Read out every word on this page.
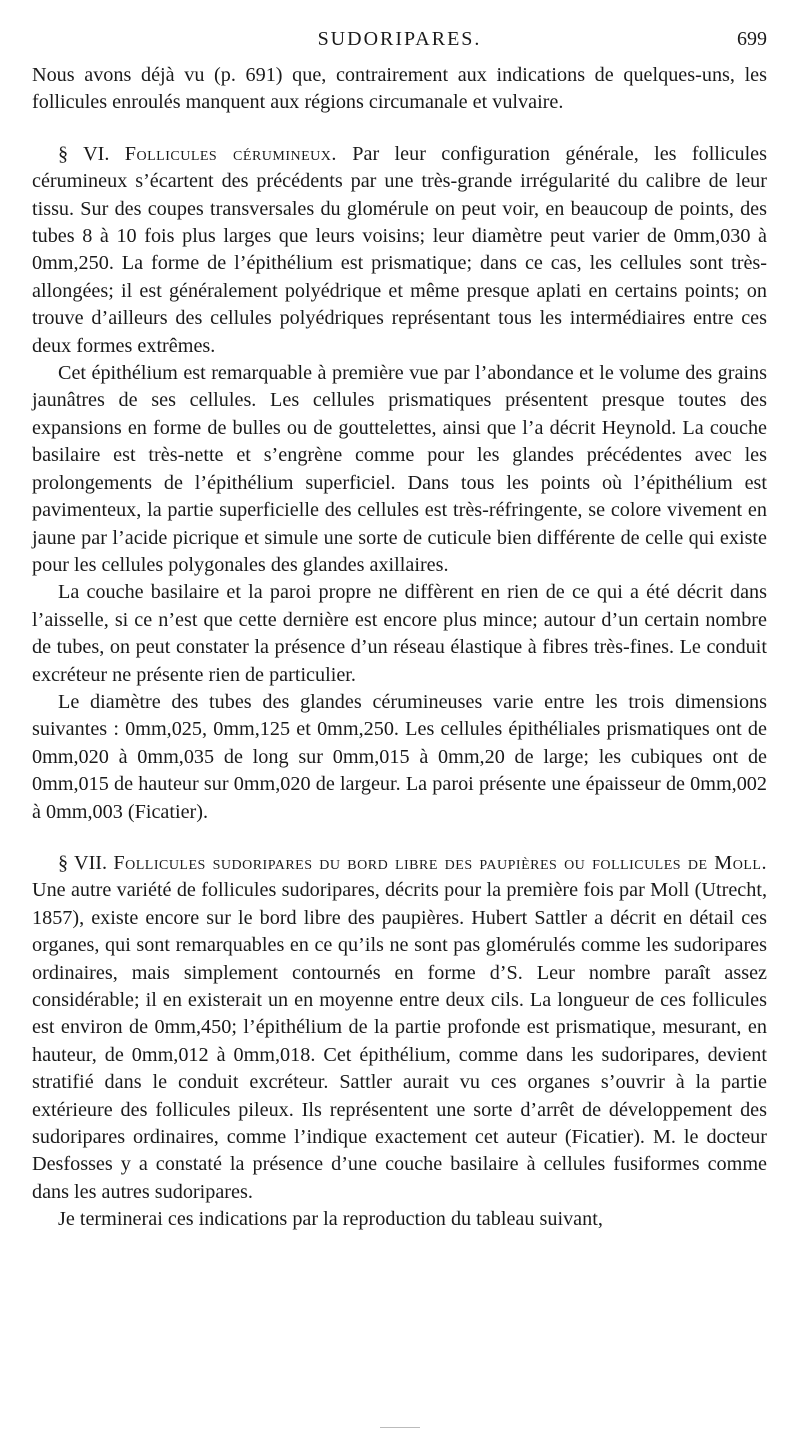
SUDORIPARES.	699

Nous avons déjà vu (p. 691) que, contrairement aux indications de quelques-uns, les follicules enroulés manquent aux régions circumanale et vulvaire.

§ VI. Follicules cérumineux. Par leur configuration générale, les follicules cérumineux s’écartent des précédents par une très-grande irrégularité du calibre de leur tissu. Sur des coupes transversales du glomérule on peut voir, en beaucoup de points, des tubes 8 à 10 fois plus larges que leurs voisins; leur diamètre peut varier de 0mm,030 à 0mm,250. La forme de l’épithélium est prismatique; dans ce cas, les cellules sont très-allongées; il est généralement polyédrique et même presque aplati en certains points; on trouve d’ailleurs des cellules polyédriques représentant tous les intermédiaires entre ces deux formes extrêmes.

Cet épithélium est remarquable à première vue par l’abondance et le volume des grains jaunâtres de ses cellules. Les cellules prismatiques présentent presque toutes des expansions en forme de bulles ou de gouttelettes, ainsi que l’a décrit Heynold. La couche basilaire est très-nette et s’engrène comme pour les glandes précédentes avec les prolongements de l’épithélium superficiel. Dans tous les points où l’épithélium est pavimenteux, la partie superficielle des cellules est très-réfringente, se colore vivement en jaune par l’acide picrique et simule une sorte de cuticule bien différente de celle qui existe pour les cellules polygonales des glandes axillaires.

La couche basilaire et la paroi propre ne diffèrent en rien de ce qui a été décrit dans l’aisselle, si ce n’est que cette dernière est encore plus mince; autour d’un certain nombre de tubes, on peut constater la présence d’un réseau élastique à fibres très-fines. Le conduit excréteur ne présente rien de particulier.

Le diamètre des tubes des glandes cérumineuses varie entre les trois dimensions suivantes : 0mm,025, 0mm,125 et 0mm,250. Les cellules épithéliales prismatiques ont de 0mm,020 à 0mm,035 de long sur 0mm,015 à 0mm,20 de large; les cubiques ont de 0mm,015 de hauteur sur 0mm,020 de largeur. La paroi présente une épaisseur de 0mm,002 à 0mm,003 (Ficatier).

§ VII. Follicules sudoripares du bord libre des paupières ou follicules de Moll. Une autre variété de follicules sudoripares, décrits pour la première fois par Moll (Utrecht, 1857), existe encore sur le bord libre des paupières. Hubert Sattler a décrit en détail ces organes, qui sont remarquables en ce qu’ils ne sont pas glomérulés comme les sudoripares ordinaires, mais simplement contournés en forme d’S. Leur nombre paraît assez considérable; il en existerait un en moyenne entre deux cils. La longueur de ces follicules est environ de 0mm,450; l’épithélium de la partie profonde est prismatique, mesurant, en hauteur, de 0mm,012 à 0mm,018. Cet épithélium, comme dans les sudoripares, devient stratifié dans le conduit excréteur. Sattler aurait vu ces organes s’ouvrir à la partie extérieure des follicules pileux. Ils représentent une sorte d’arrêt de développement des sudoripares ordinaires, comme l’indique exactement cet auteur (Ficatier). M. le docteur Desfosses y a constaté la présence d’une couche basilaire à cellules fusiformes comme dans les autres sudoripares.

Je terminerai ces indications par la reproduction du tableau suivant,
